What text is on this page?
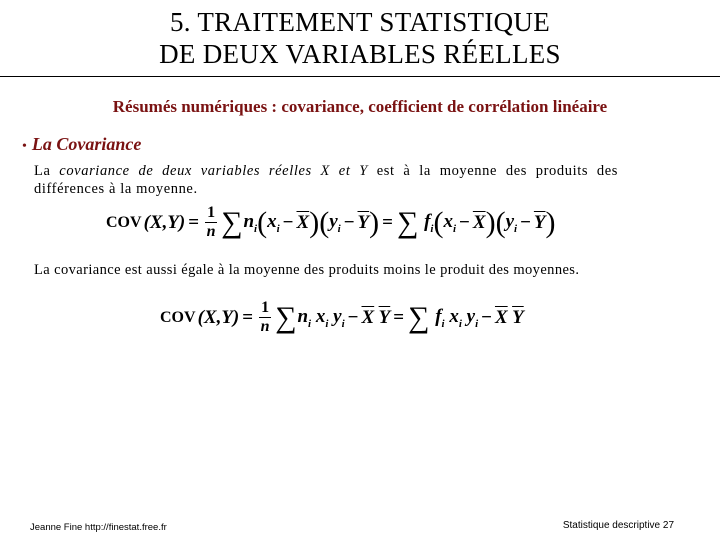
5. TRAITEMENT STATISTIQUE
DE DEUX VARIABLES RÉELLES
Résumés numériques : covariance, coefficient de corrélation linéaire
• La Covariance
La covariance de deux variables réelles X et Y est à la moyenne des produits des
différences à la moyenne.
COV $(X,Y) = \frac{1}{n}$ ∑ $n_i$ ( $x_i - \overline{X}$ ) ( $y_i - \overline{Y}$ ) = ∑ $f_i$ ( $x_i - \overline{X}$ ) ( $y_i - \overline{Y}$ )
La covariance est aussi égale à la moyenne des produits moins le produit des moyennes.
COV $(X,Y) = \frac{1}{n}$ ∑ $n_i$ $x_i$ $y_i - \overline{X}$ $\overline{Y}$ = ∑ $f_i$ $x_i$ $y_i - \overline{X}$ $\overline{Y}$
Jeanne Fine http://finestat.free.fr	Statistique descriptive 27
